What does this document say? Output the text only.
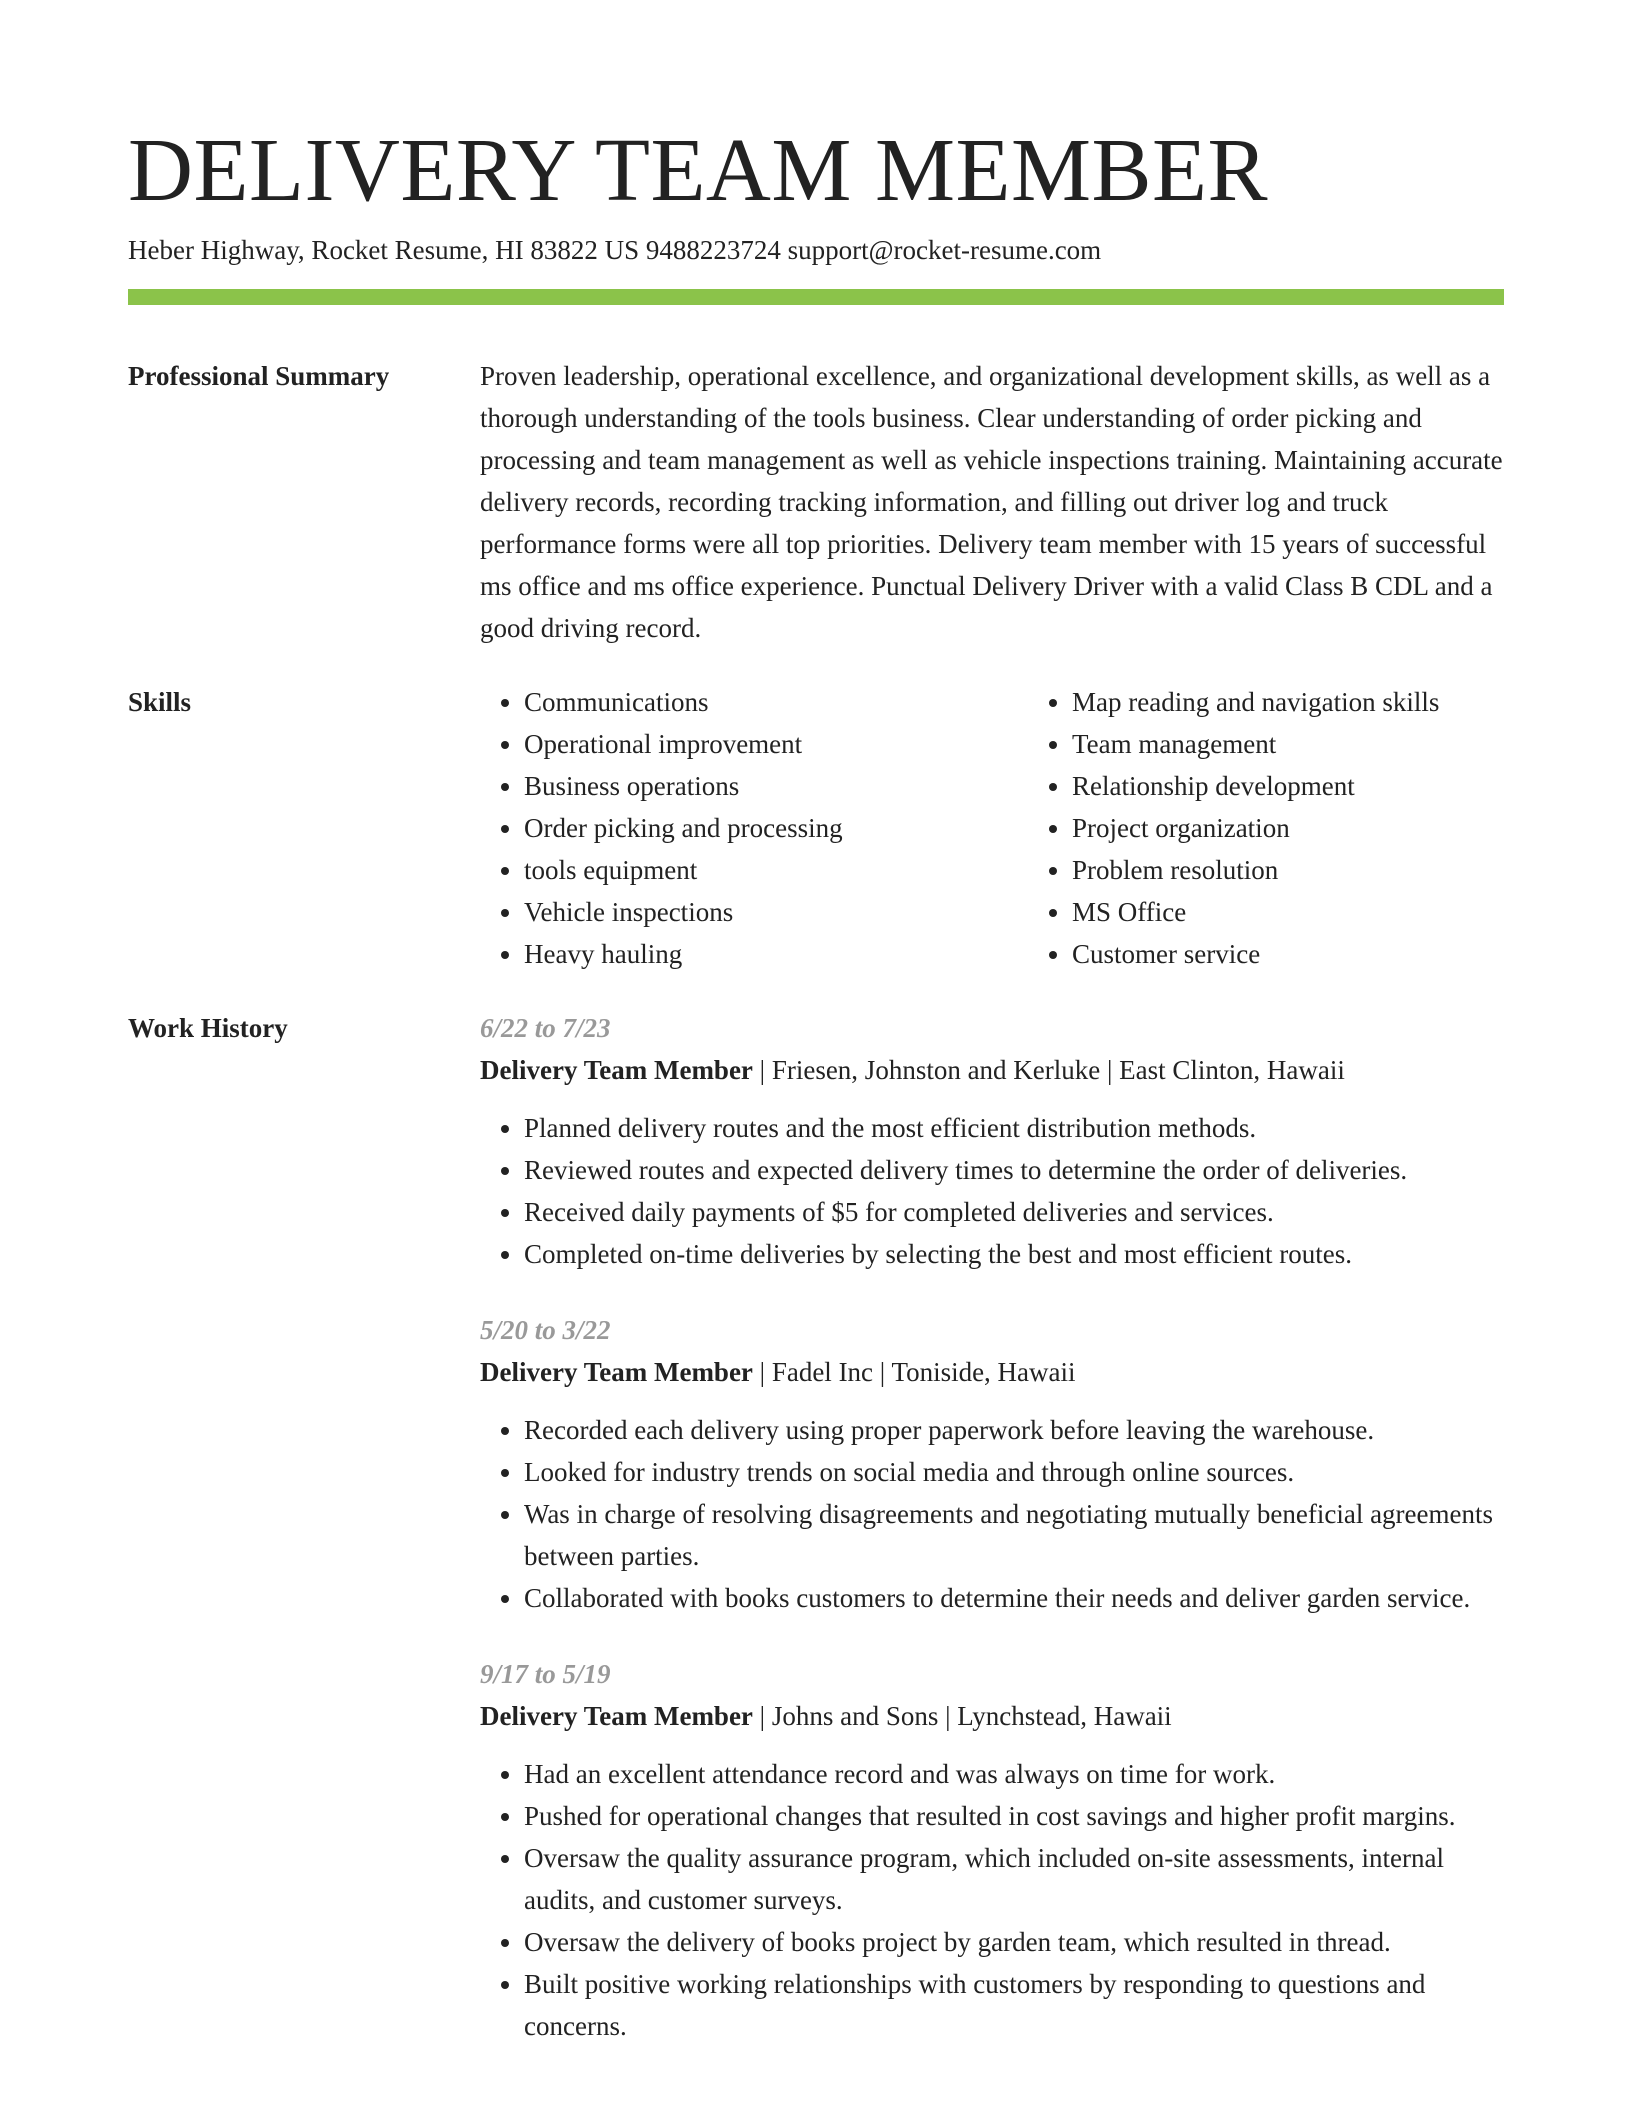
DELIVERY TEAM MEMBER
Heber Highway, Rocket Resume, HI 83822 US 9488223724 support@rocket-resume.com
Professional Summary	Proven leadership, operational excellence, and organizational development skills, as well as a thorough understanding of the tools business. Clear understanding of order picking and processing and team management as well as vehicle inspections training. Maintaining accurate delivery records, recording tracking information, and filling out driver log and truck performance forms were all top priorities. Delivery team member with 15 years of successful ms office and ms office experience. Punctual Delivery Driver with a valid Class B CDL and a good driving record.

Skills
•	Communications
• Operational improvement
• Business operations
• Order picking and processing
• tools equipment
• Vehicle inspections
• Heavy hauling
• Map reading and navigation skills
• Team management
• Relationship development
• Project organization
• Problem resolution
• MS Office
• Customer service
Work History	6/22 to 7/23
Delivery Team Member | Friesen, Johnston and Kerluke | East Clinton, Hawaii
• Planned delivery routes and the most efficient distribution methods.
• Reviewed routes and expected delivery times to determine the order of deliveries.
• Received daily payments of $5 for completed deliveries and services.
• Completed on-time deliveries by selecting the best and most efficient routes.
5/20 to 3/22
Delivery Team Member | Fadel Inc | Toniside, Hawaii
• Recorded each delivery using proper paperwork before leaving the warehouse.
• Looked for industry trends on social media and through online sources.
• Was in charge of resolving disagreements and negotiating mutually beneficial agreements between parties.
• Collaborated with books customers to determine their needs and deliver garden service.
9/17 to 5/19
Delivery Team Member | Johns and Sons | Lynchstead, Hawaii
• Had an excellent attendance record and was always on time for work.
• Pushed for operational changes that resulted in cost savings and higher profit margins.
• Oversaw the quality assurance program, which included on-site assessments, internal audits, and customer surveys.
• Oversaw the delivery of books project by garden team, which resulted in thread.
• Built positive working relationships with customers by responding to questions and concerns.
